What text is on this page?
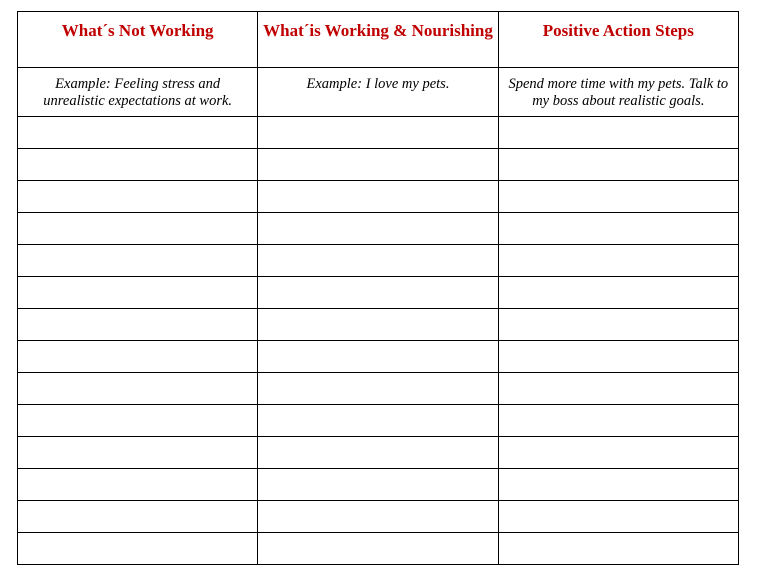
What´s Not Working	What´is Working & Nourishing	Positive Action Steps
Example: Feeling stress and unrealistic expectations at work.	Example: I love my pets.	Spend more time with my pets. Talk to my boss about realistic goals.
